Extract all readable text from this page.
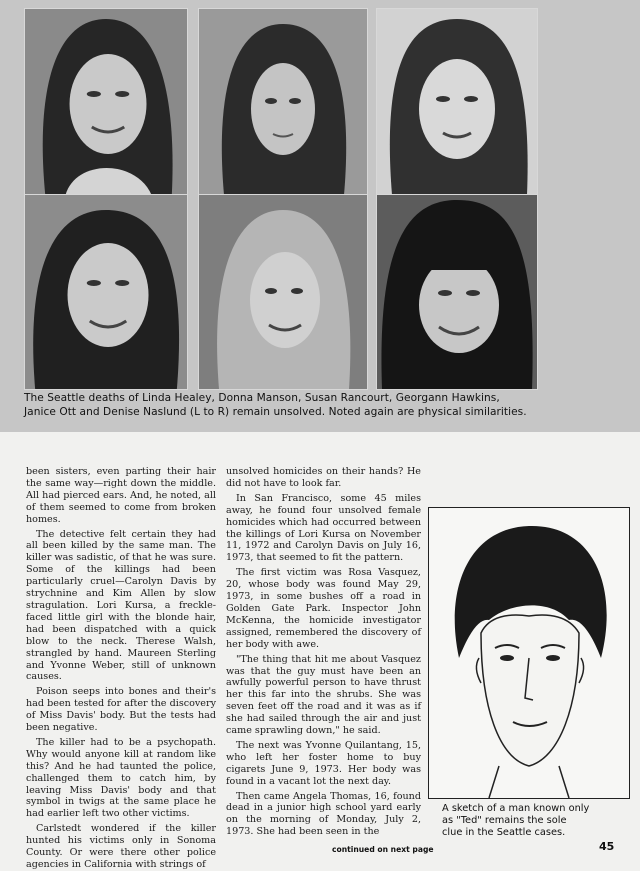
The Seattle deaths of Linda Healey, Donna Manson, Susan Rancourt, Georgann Hawkins,

Janice Ott and Denise Naslund (L to R) remain unsolved. Noted again are physical similarities.

been sisters, even parting their hair the same way—right down the middle. All had pierced ears. And, he noted, all of them seemed to come from broken homes.

The detective felt certain they had all been killed by the same man. The killer was sadistic, of that he was sure. Some of the killings had been particularly cruel—Carolyn Davis by strychnine and Kim Allen by slow stragulation. Lori Kursa, a freckle-faced little girl with the blonde hair, had been dispatched with a quick blow to the neck. Therese Walsh, strangled by hand. Maureen Sterling and Yvonne Weber, still of unknown causes.

Poison seeps into bones and their's had been tested for after the discovery of Miss Davis' body. But the tests had been negative.

The killer had to be a psychopath. Why would anyone kill at random like this? And he had taunted the police, challenged them to catch him, by leaving Miss Davis' body and that symbol in twigs at the same place he had earlier left two other victims.

Carlstedt wondered if the killer hunted his victims only in Sonoma County. Or were there other police agencies in California with strings of

unsolved homicides on their hands? He did not have to look far.

In San Francisco, some 45 miles away, he found four unsolved female homicides which had occurred between the killings of Lori Kursa on November 11, 1972 and Carolyn Davis on July 16, 1973, that seemed to fit the pattern.

The first victim was Rosa Vasquez, 20, whose body was found May 29, 1973, in some bushes off a road in Golden Gate Park. Inspector John McKenna, the homicide investigator assigned, remembered the discovery of her body with awe.

"The thing that hit me about Vasquez was that the guy must have been an awfully powerful person to have thrust her this far into the shrubs. She was seven feet off the road and it was as if she had sailed through the air and just came sprawling down," he said.

The next was Yvonne Quilantang, 15, who left her foster home to buy cigarets June 9, 1973. Her body was found in a vacant lot the next day.

Then came Angela Thomas, 16, found dead in a junior high school yard early on the morning of Monday, July 2, 1973. She had been seen in the

A sketch of a man known only

as "Ted" remains the sole

clue in the Seattle cases.

continued on next page	45
